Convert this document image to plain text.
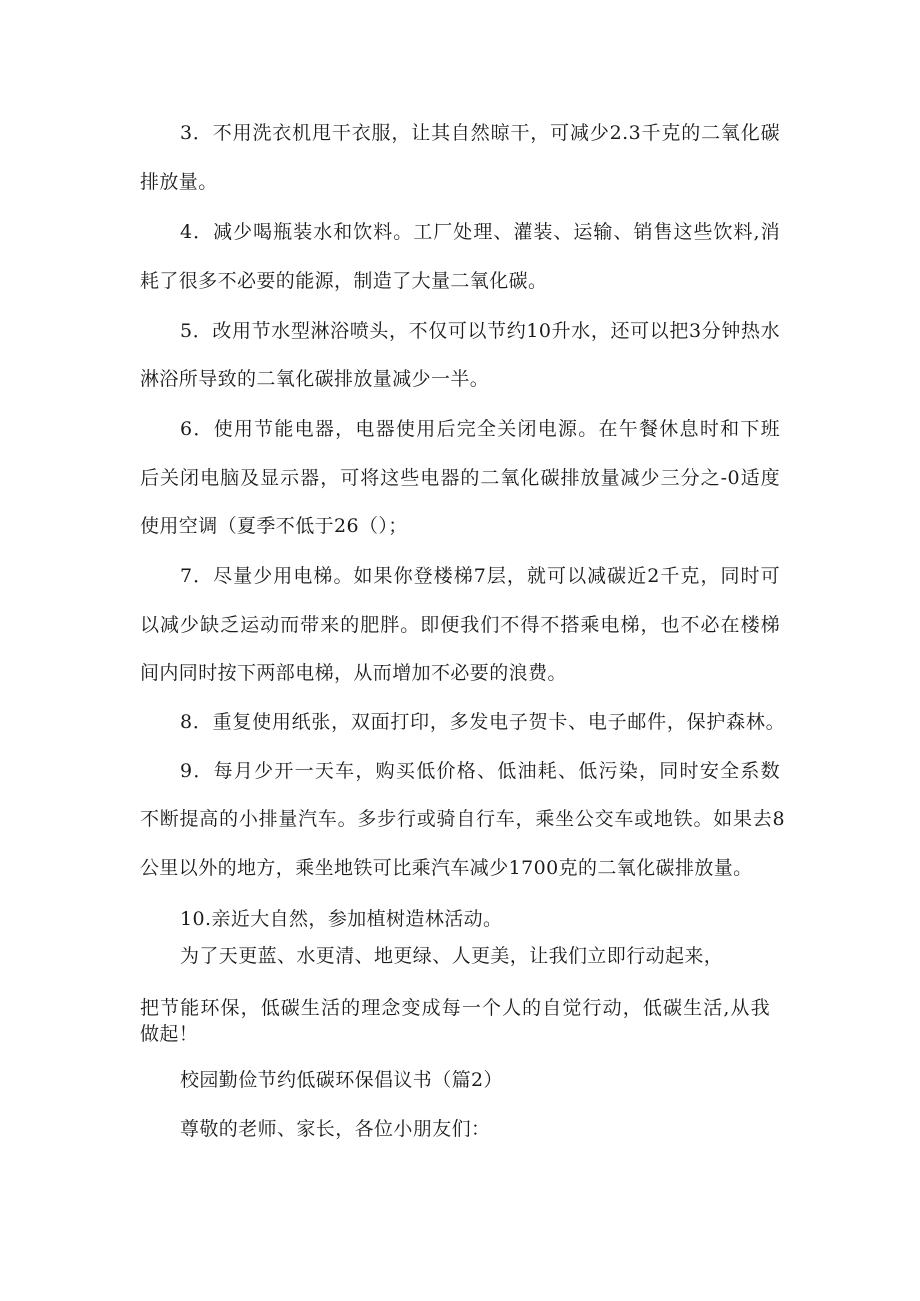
3．不用洗衣机甩干衣服，让其自然晾干，可减少2.3千克的二氧化碳

排放量。

4．减少喝瓶装水和饮料。工厂处理、灌装、运输、销售这些饮料,消

耗了很多不必要的能源，制造了大量二氧化碳。

5．改用节水型淋浴喷头，不仅可以节约10升水，还可以把3分钟热水

淋浴所导致的二氧化碳排放量减少一半。

6．使用节能电器，电器使用后完全关闭电源。在午餐休息时和下班

后关闭电脑及显示器，可将这些电器的二氧化碳排放量减少三分之-0适度

使用空调（夏季不低于26（）；

7．尽量少用电梯。如果你登楼梯7层，就可以减碳近2千克，同时可

以减少缺乏运动而带来的肥胖。即便我们不得不搭乘电梯，也不必在楼梯

间内同时按下两部电梯，从而增加不必要的浪费。

8．重复使用纸张，双面打印，多发电子贺卡、电子邮件，保护森林。

9．每月少开一天车，购买低价格、低油耗、低污染，同时安全系数

不断提高的小排量汽车。多步行或骑自行车，乘坐公交车或地铁。如果去8

公里以外的地方，乘坐地铁可比乘汽车减少1700克的二氧化碳排放量。

10.亲近大自然，参加植树造林活动。

为了天更蓝、水更清、地更绿、人更美，让我们立即行动起来，

把节能环保，低碳生活的理念变成每一个人的自觉行动，低碳生活,从我

做起！

校园勤俭节约低碳环保倡议书（篇2）

尊敬的老师、家长，各位小朋友们：
